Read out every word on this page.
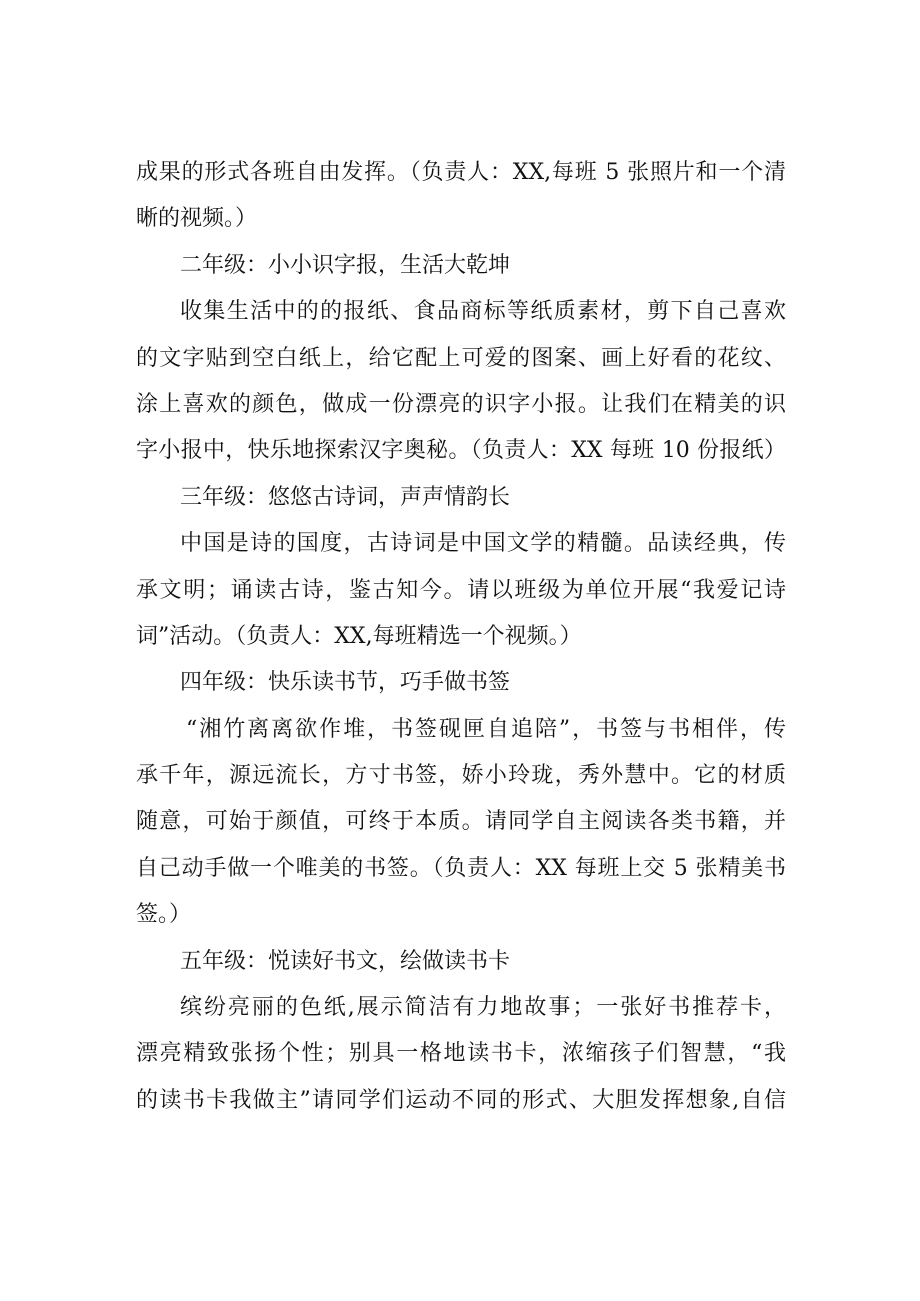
成果的形式各班自由发挥。（负责人：XX,每班 5 张照片和一个清
晰的视频。）
二年级：小小识字报，生活大乾坤
收集生活中的的报纸、食品商标等纸质素材，剪下自己喜欢
的文字贴到空白纸上，给它配上可爱的图案、画上好看的花纹、
涂上喜欢的颜色，做成一份漂亮的识字小报。让我们在精美的识
字小报中，快乐地探索汉字奥秘。（负责人：XX 每班 10 份报纸）
三年级：悠悠古诗词，声声情韵长
中国是诗的国度，古诗词是中国文学的精髓。品读经典，传
承文明；诵读古诗，鉴古知今。请以班级为单位开展“我爱记诗
词”活动。（负责人：XX,每班精选一个视频。）
四年级：快乐读书节，巧手做书签
“湘竹离离欲作堆，书签砚匣自追陪”，书签与书相伴，传
承千年，源远流长，方寸书签，娇小玲珑，秀外慧中。它的材质
随意，可始于颜值，可终于本质。请同学自主阅读各类书籍，并
自己动手做一个唯美的书签。（负责人：XX 每班上交 5 张精美书
签。）
五年级：悦读好书文，绘做读书卡
缤纷亮丽的色纸,展示简洁有力地故事；一张好书推荐卡，
漂亮精致张扬个性；别具一格地读书卡，浓缩孩子们智慧，“我
的读书卡我做主”请同学们运动不同的形式、大胆发挥想象,自信
